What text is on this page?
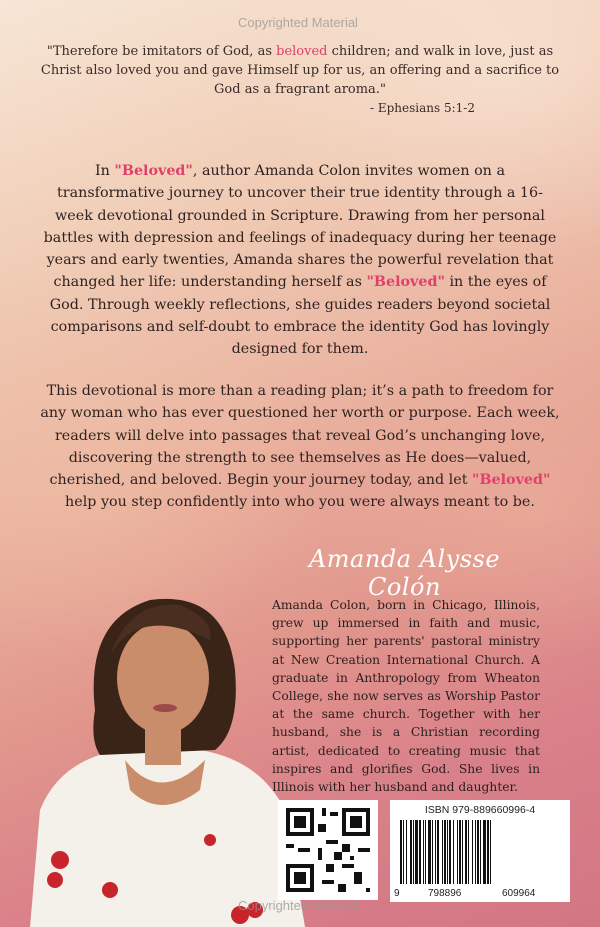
Copyrighted Material
"Therefore be imitators of God, as beloved children; and walk in love, just as
Christ also loved you and gave Himself up for us, an offering and a sacrifice to
God as a fragrant aroma."
- Ephesians 5:1-2
In "Beloved", author Amanda Colon invites women on a transformative journey to uncover their true identity through a 16-week devotional grounded in Scripture. Drawing from her personal battles with depression and feelings of inadequacy during her teenage years and early twenties, Amanda shares the powerful revelation that changed her life: understanding herself as "Beloved" in the eyes of God. Through weekly reflections, she guides readers beyond societal comparisons and self-doubt to embrace the identity God has lovingly designed for them.
This devotional is more than a reading plan; it’s a path to freedom for any woman who has ever questioned her worth or purpose. Each week, readers will delve into passages that reveal God’s unchanging love, discovering the strength to see themselves as He does—valued, cherished, and beloved. Begin your journey today, and let "Beloved" help you step confidently into who you were always meant to be.
Amanda Alysse Colón
Amanda Colon, born in Chicago, Illinois, grew up immersed in faith and music, supporting her parents' pastoral ministry at New Creation International Church. A graduate in Anthropology from Wheaton College, she now serves as Worship Pastor at the same church. Together with her husband, she is a Christian recording artist, dedicated to creating music that inspires and glorifies God. She lives in Illinois with her husband and daughter.
ISBN 979-889660996-4
9	798896	609964
Copyrighted Material
